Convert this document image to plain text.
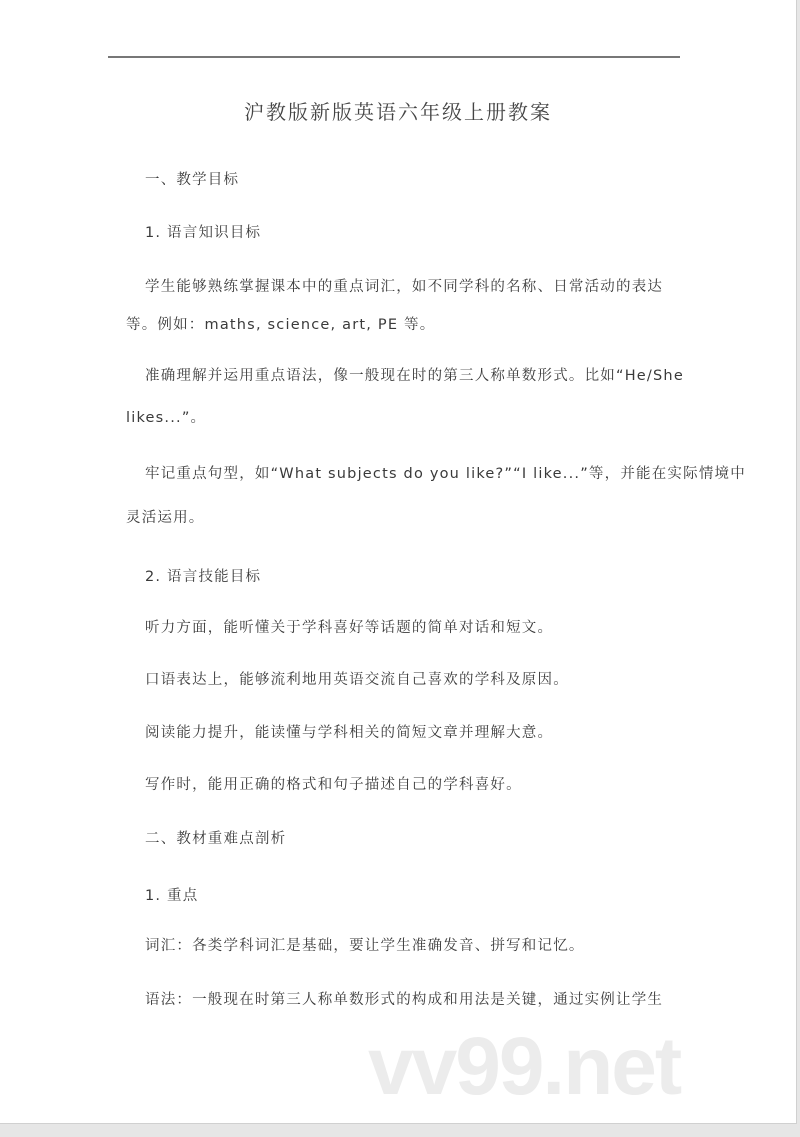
沪教版新版英语六年级上册教案
一、教学目标
1. 语言知识目标
学生能够熟练掌握课本中的重点词汇，如不同学科的名称、日常活动的表达
等。例如：maths, science, art, PE 等。
准确理解并运用重点语法，像一般现在时的第三人称单数形式。比如“He/She
likes...”。
牢记重点句型，如“What subjects do you like?”“I like...”等，并能在实际情境中
灵活运用。
2. 语言技能目标
听力方面，能听懂关于学科喜好等话题的简单对话和短文。
口语表达上，能够流利地用英语交流自己喜欢的学科及原因。
阅读能力提升，能读懂与学科相关的简短文章并理解大意。
写作时，能用正确的格式和句子描述自己的学科喜好。
二、教材重难点剖析
1. 重点
词汇：各类学科词汇是基础，要让学生准确发音、拼写和记忆。
语法：一般现在时第三人称单数形式的构成和用法是关键，通过实例让学生
vv99.net
